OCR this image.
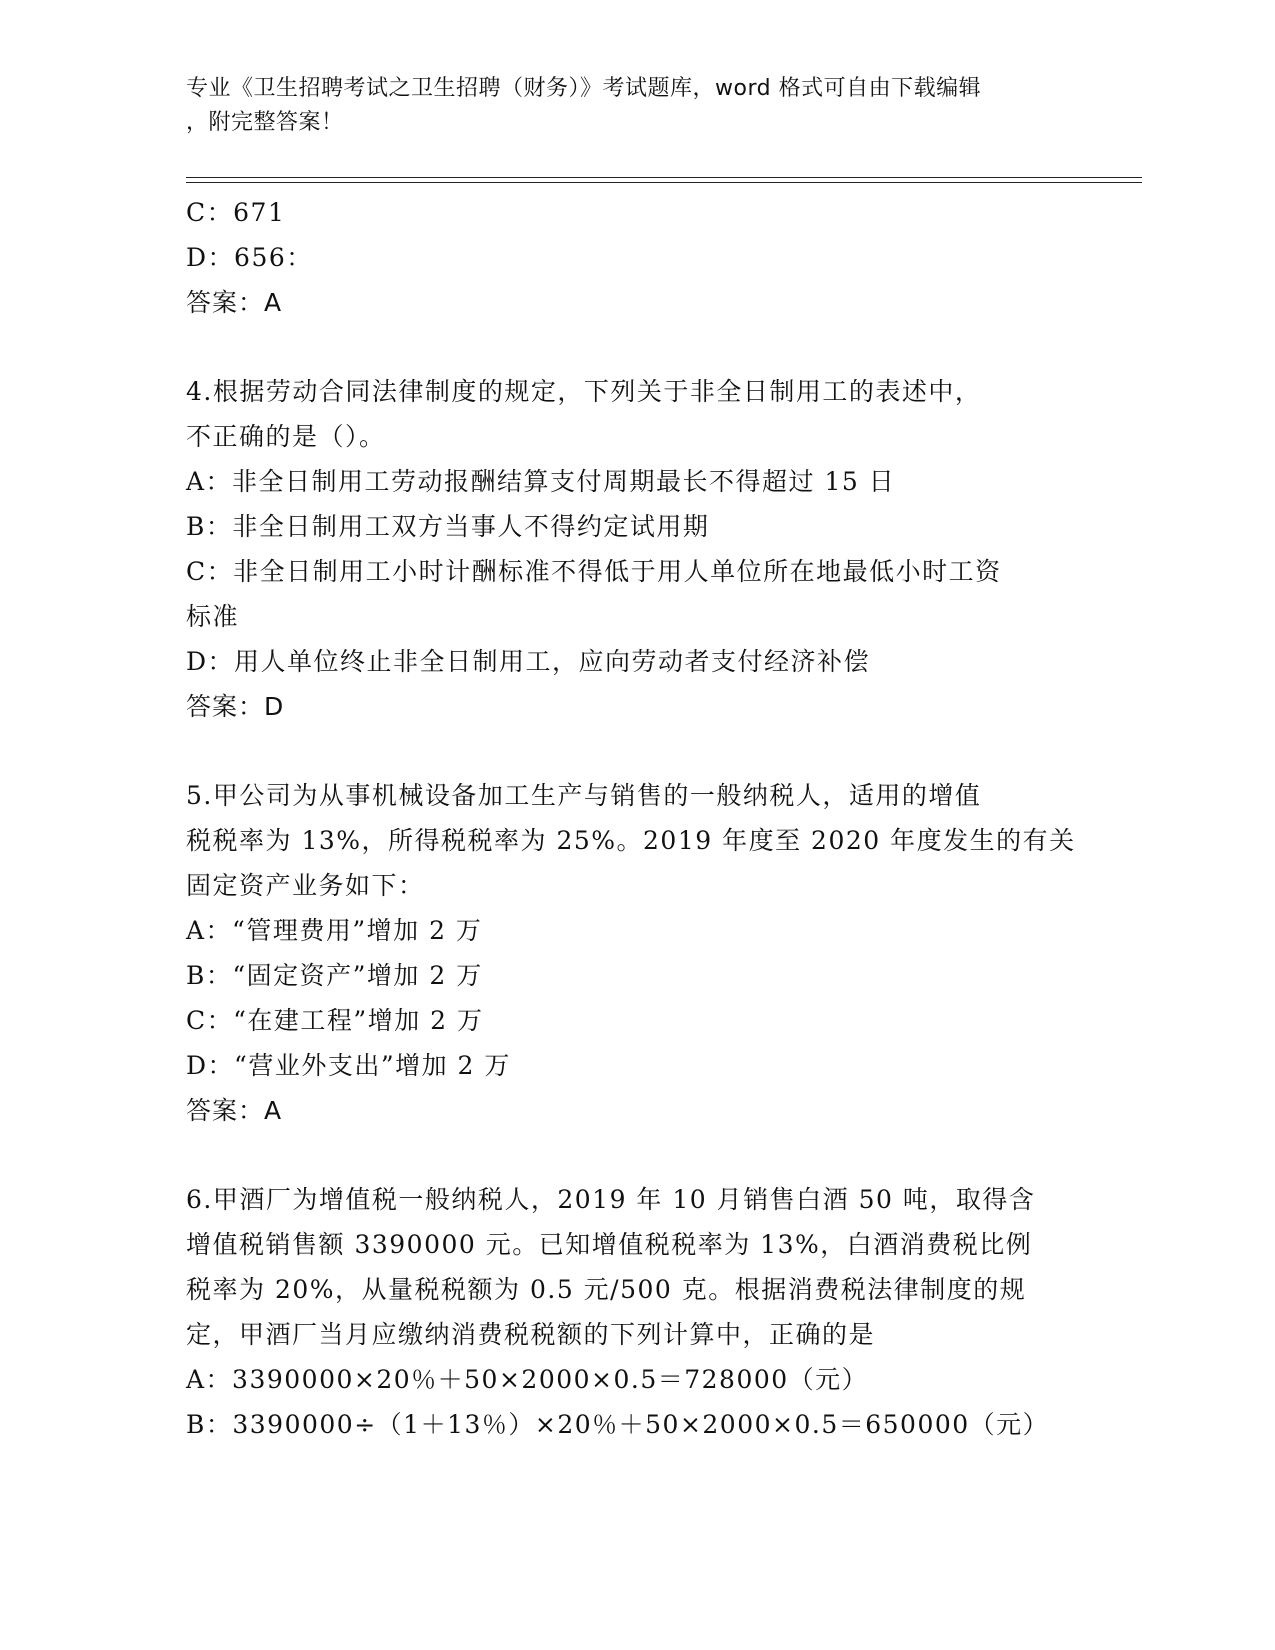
专业《卫生招聘考试之卫生招聘（财务）》考试题库，word 格式可自由下载编辑
，附完整答案！
C：671
D：656：
答案：A
4.根据劳动合同法律制度的规定，下列关于非全日制用工的表述中，
不正确的是（）。
A：非全日制用工劳动报酬结算支付周期最长不得超过 15 日
B：非全日制用工双方当事人不得约定试用期
C：非全日制用工小时计酬标准不得低于用人单位所在地最低小时工资
标准
D：用人单位终止非全日制用工，应向劳动者支付经济补偿
答案：D
5.甲公司为从事机械设备加工生产与销售的一般纳税人，适用的增值
税税率为 13%，所得税税率为 25%。2019 年度至 2020 年度发生的有关
固定资产业务如下：
A：“管理费用”增加 2 万
B：“固定资产”增加 2 万
C：“在建工程”增加 2 万
D：“营业外支出”增加 2 万
答案：A
6.甲酒厂为增值税一般纳税人，2019 年 10 月销售白酒 50 吨，取得含
增值税销售额 3390000 元。已知增值税税率为 13%，白酒消费税比例
税率为 20%，从量税税额为 0.5 元/500 克。根据消费税法律制度的规
定，甲酒厂当月应缴纳消费税税额的下列计算中，正确的是
A：3390000×20％＋50×2000×0.5＝728000（元）
B：3390000÷（1＋13％）×20％＋50×2000×0.5＝650000（元）
